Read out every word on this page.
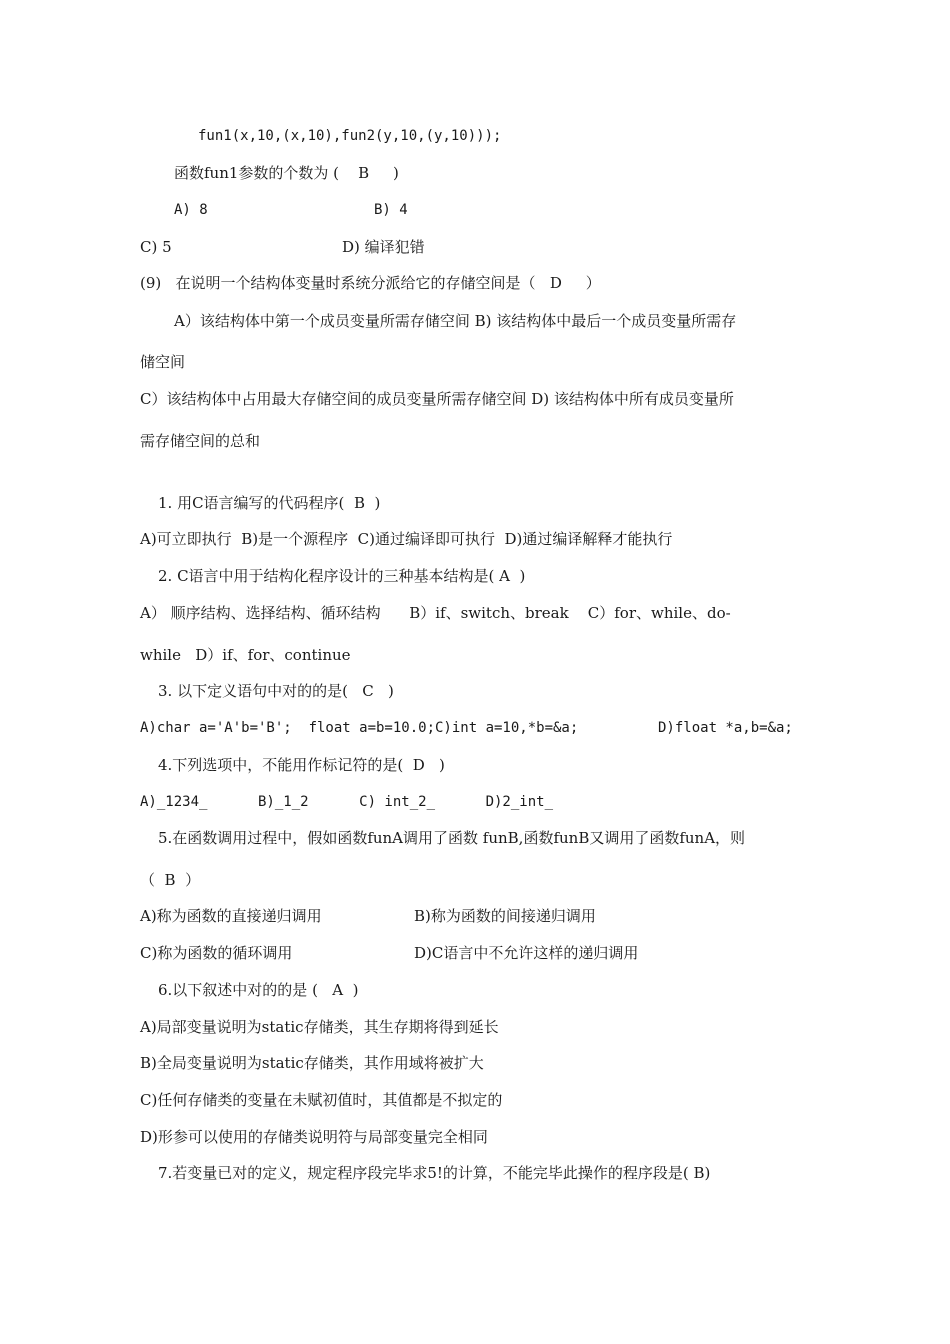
fun1(x,10,(x,10),fun2(y,10,(y,10)));

函数fun1参数的个数为 (    B     )

A) 8

	B) 4

C) 5

	D) 编译犯错

(9)   在说明一个结构体变量时系统分派给它的存储空间是（   D     ）

A）该结构体中第一个成员变量所需存储空间 B) 该结构体中最后一个成员变量所需存

储空间

C）该结构体中占用最大存储空间的成员变量所需存储空间 D) 该结构体中所有成员变量所

需存储空间的总和

1. 用C语言编写的代码程序(  B  )

A)可立即执行  B)是一个源程序  C)通过编译即可执行  D)通过编译解释才能执行

2. C语言中用于结构化程序设计的三种基本结构是( A  )

A） 顺序结构、选择结构、循环结构      B）if、switch、break    C）for、while、do-

while   D）if、for、continue

3. 以下定义语句中对的的是(   C   )

A)char a='A'b='B';  float a=b=10.0;C)int a=10,*b=&a;

	D)float *a,b=&a;

4.下列选项中，不能用作标记符的是(  D   )

A)_1234_      B)_1_2      C) int_2_      D)2_int_

5.在函数调用过程中，假如函数funA调用了函数 funB,函数funB又调用了函数funA，则

（  B  ）

A)称为函数的直接递归调用

	B)称为函数的间接递归调用

C)称为函数的循环调用

	D)C语言中不允许这样的递归调用

6.以下叙述中对的的是 (   A  )

A)局部变量说明为static存储类，其生存期将得到延长

B)全局变量说明为static存储类，其作用域将被扩大

C)任何存储类的变量在未赋初值时，其值都是不拟定的

D)形参可以使用的存储类说明符与局部变量完全相同

7.若变量已对的定义，规定程序段完毕求5!的计算，不能完毕此操作的程序段是( B)
